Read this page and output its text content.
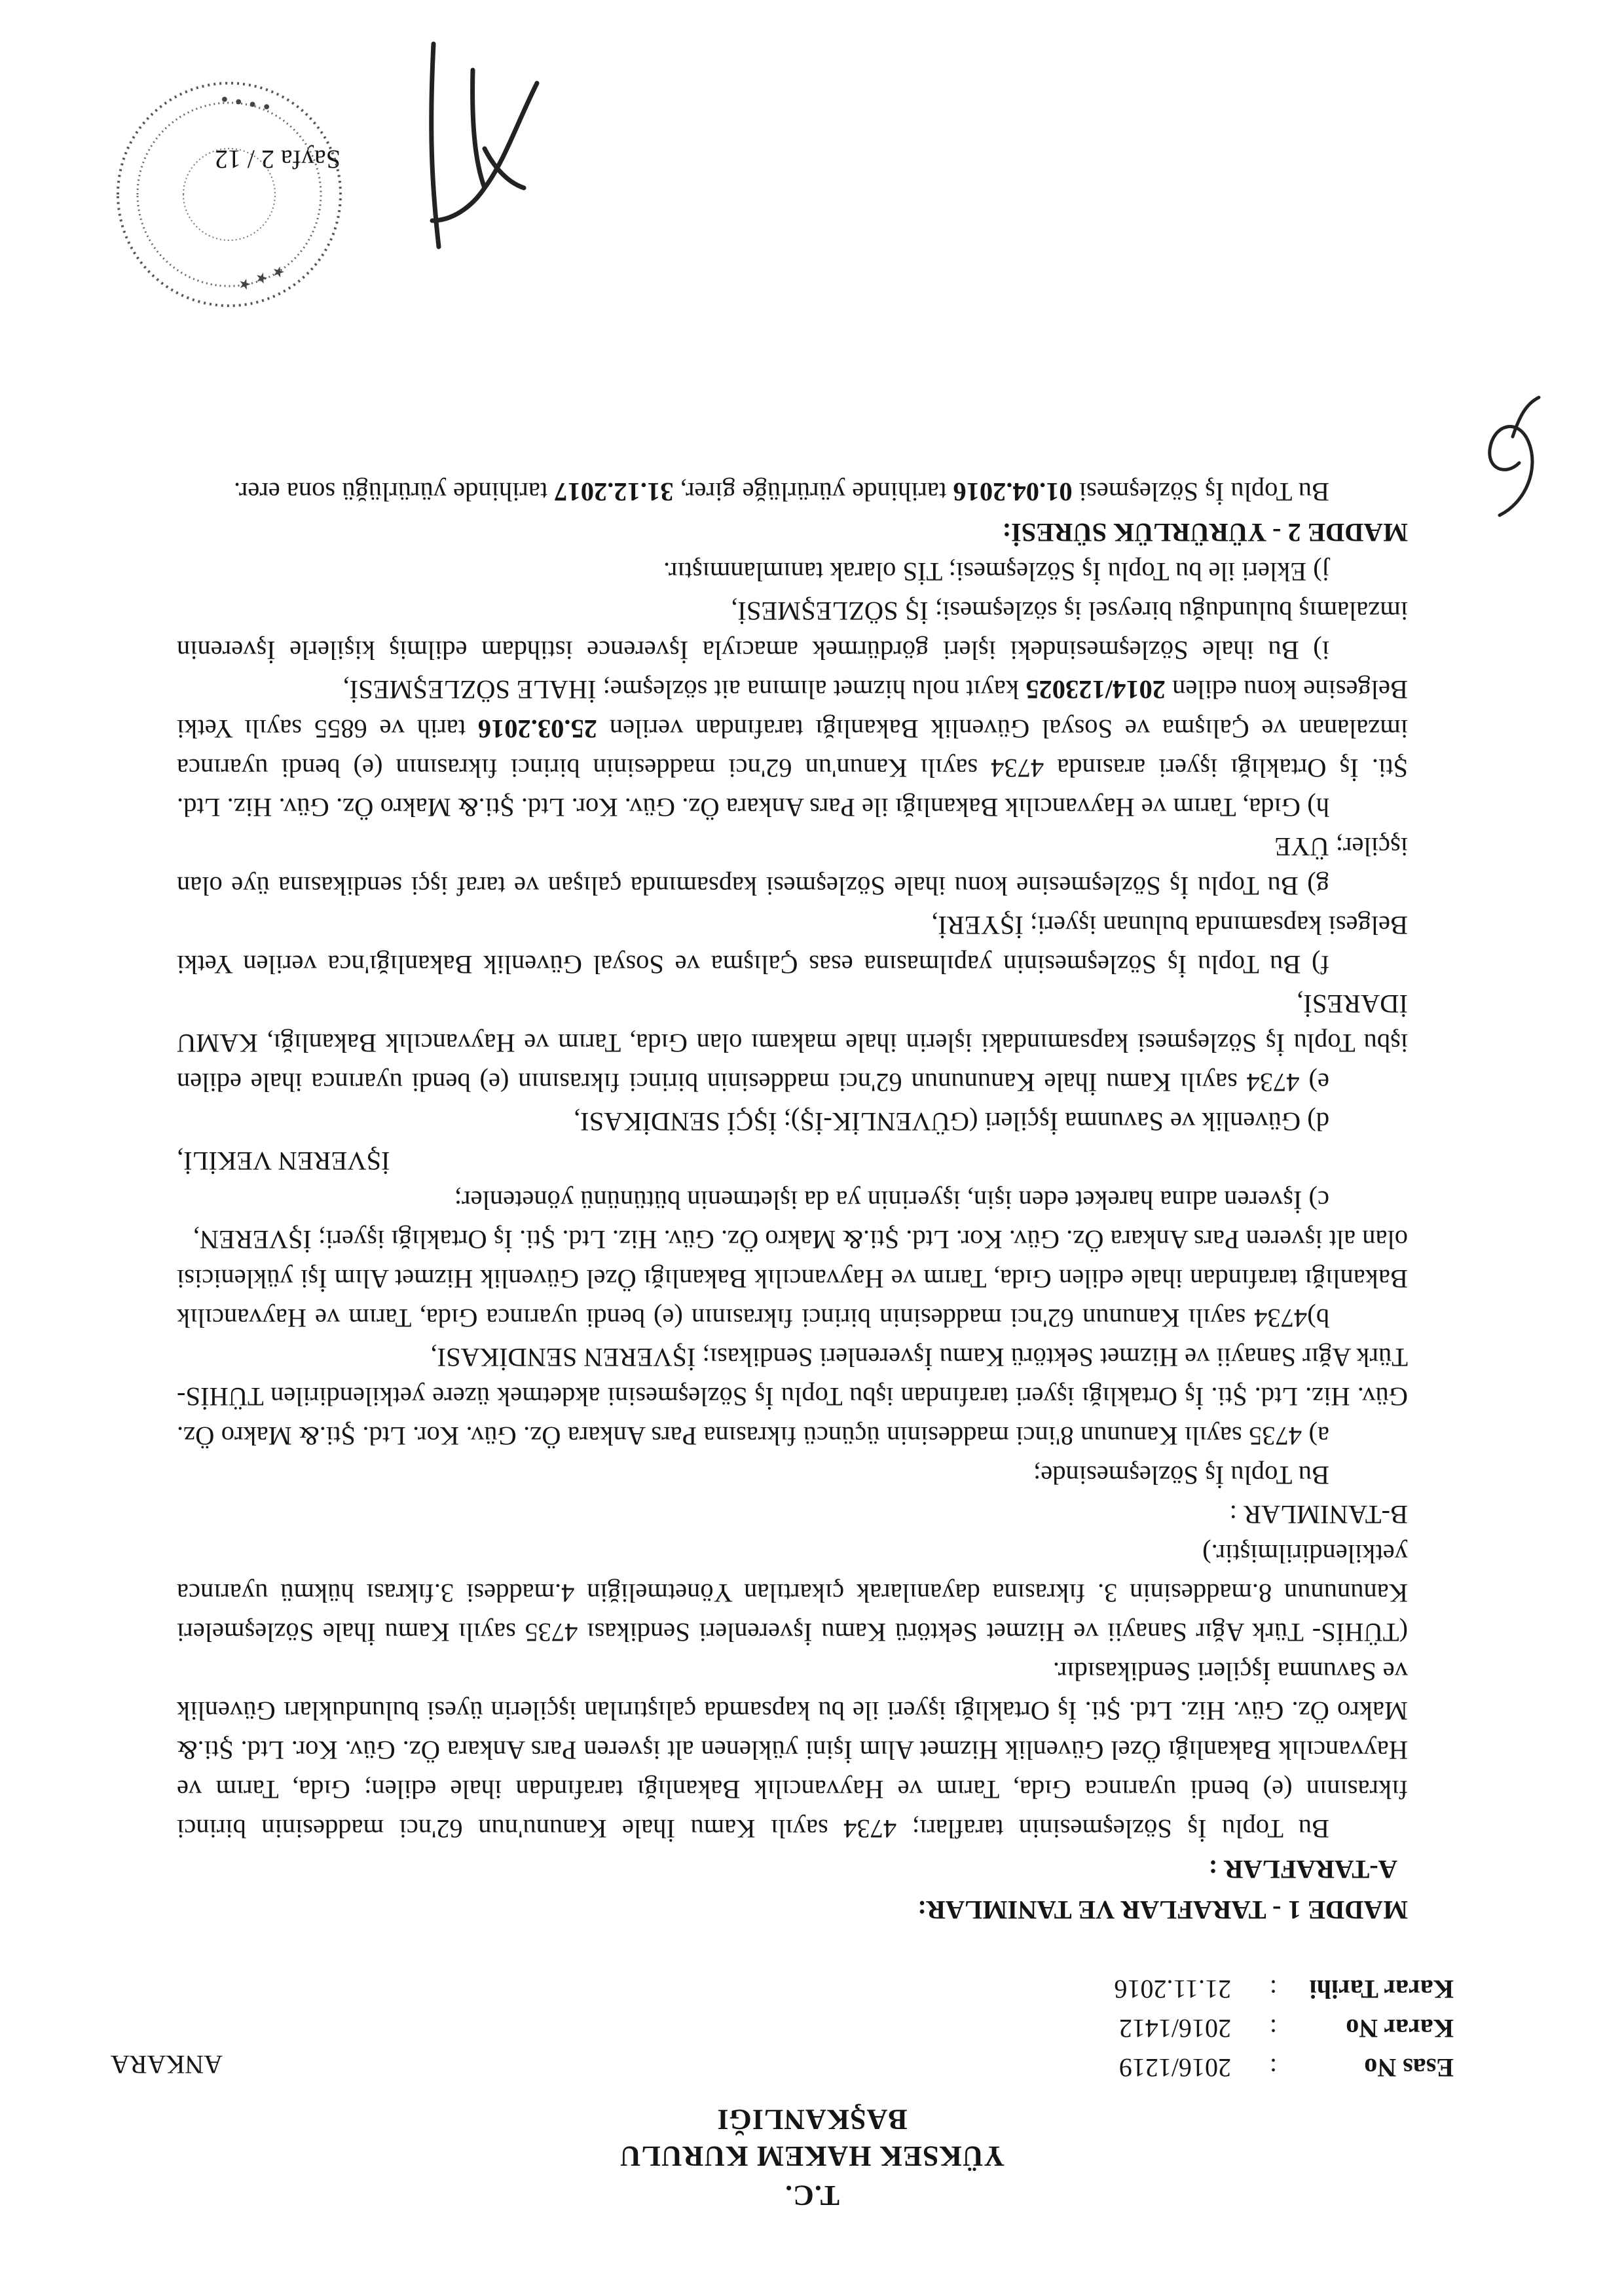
T.C.
YÜKSEK HAKEM KURULU
BAŞKANLIĞI
ANKARA	Esas No:2016/1219
Karar No:2016/1412
Karar Tarihi:21.11.2016

MADDE 1 - TARAFLAR VE TANIMLAR:

A-TARAFLAR :

Bu Toplu İş Sözleşmesinin tarafları; 4734 sayılı Kamu İhale Kanunu'nun 62'nci maddesinin birinci fıkrasının (e) bendi uyarınca Gıda, Tarım ve Hayvancılık Bakanlığı tarafından ihale edilen; Gıda, Tarım ve Hayvancılık Bakanlığı Özel Güvenlik Hizmet Alım İşini yüklenen alt işveren Pars Ankara Öz. Güv. Kor. Ltd. Şti.& Makro Öz. Güv. Hiz. Ltd. Şti. İş Ortaklığı işyeri ile bu kapsamda çalıştırılan işçilerin üyesi bulundukları Güvenlik ve Savunma İşçileri Sendikasıdır.

(TÜHİS- Türk Ağır Sanayii ve Hizmet Sektörü Kamu İşverenleri Sendikası 4735 sayılı Kamu İhale Sözleşmeleri Kanununun 8.maddesinin 3. fıkrasına dayanılarak çıkartılan Yönetmeliğin 4.maddesi 3.fıkrası hükmü uyarınca yetkilendirilmiştir.)

B-TANIMLAR :

Bu Toplu İş Sözleşmesinde;

a) 4735 sayılı Kanunun 8'inci maddesinin üçüncü fıkrasına Pars Ankara Öz. Güv. Kor. Ltd. Şti.& Makro Öz. Güv. Hiz. Ltd. Şti. İş Ortaklığı işyeri tarafından işbu Toplu İş Sözleşmesini akdetmek üzere yetkilendirilen TÜHİS- Türk Ağır Sanayii ve Hizmet Sektörü Kamu İşverenleri Sendikası; İŞVEREN SENDİKASI,

b)4734 sayılı Kanunun 62'nci maddesinin birinci fıkrasının (e) bendi uyarınca Gıda, Tarım ve Hayvancılık Bakanlığı tarafından ihale edilen Gıda, Tarım ve Hayvancılık Bakanlığı Özel Güvenlik Hizmet Alım İşi yüklenicisi olan alt işveren Pars Ankara Öz. Güv. Kor. Ltd. Şti.& Makro Öz. Güv. Hiz. Ltd. Şti. İş Ortaklığı işyeri; İŞVEREN,

c) İşveren adına hareket eden işin, işyerinin ya da işletmenin bütününü yönetenler;

İŞVEREN VEKİLİ,

d) Güvenlik ve Savunma İşçileri (GÜVENLİK-İŞ); İŞÇİ SENDİKASI,

e) 4734 sayılı Kamu İhale Kanununun 62'nci maddesinin birinci fıkrasının (e) bendi uyarınca ihale edilen işbu Toplu İş Sözleşmesi kapsamındaki işlerin ihale makamı olan Gıda, Tarım ve Hayvancılık Bakanlığı, KAMU İDARESİ,

f) Bu Toplu İş Sözleşmesinin yapılmasına esas Çalışma ve Sosyal Güvenlik Bakanlığı'nca verilen Yetki Belgesi kapsamında bulunan işyeri; İŞYERİ,

g) Bu Toplu İş Sözleşmesine konu ihale Sözleşmesi kapsamında çalışan ve taraf işçi sendikasına üye olan işçiler; ÜYE

h) Gıda, Tarım ve Hayvancılık Bakanlığı ile Pars Ankara Öz. Güv. Kor. Ltd. Şti.& Makro Öz. Güv. Hiz. Ltd. Şti. İş Ortaklığı işyeri arasında 4734 sayılı Kanun'un 62'nci maddesinin birinci fıkrasının (e) bendi uyarınca imzalanan ve Çalışma ve Sosyal Güvenlik Bakanlığı tarafından verilen 25.03.2016 tarih ve 6855 sayılı Yetki Belgesine konu edilen 2014/123025 kayıt nolu hizmet alımına ait sözleşme; İHALE SÖZLEŞMESİ,

i) Bu ihale Sözleşmesindeki işleri gördürmek amacıyla İşverence istihdam edilmiş kişilerle İşverenin imzalamış bulunduğu bireysel iş sözleşmesi; İŞ SÖZLEŞMESİ,

j) Ekleri ile bu Toplu İş Sözleşmesi; TİS olarak tanımlanmıştır.

MADDE 2 - YÜRÜRLÜK SÜRESİ:

Bu Toplu İş Sözleşmesi 01.04.2016 tarihinde yürürlüğe girer, 31.12.2017 tarihinde yürürlüğü sona erer.

Sayfa 2 / 12
★ ★ ★
• • • •
